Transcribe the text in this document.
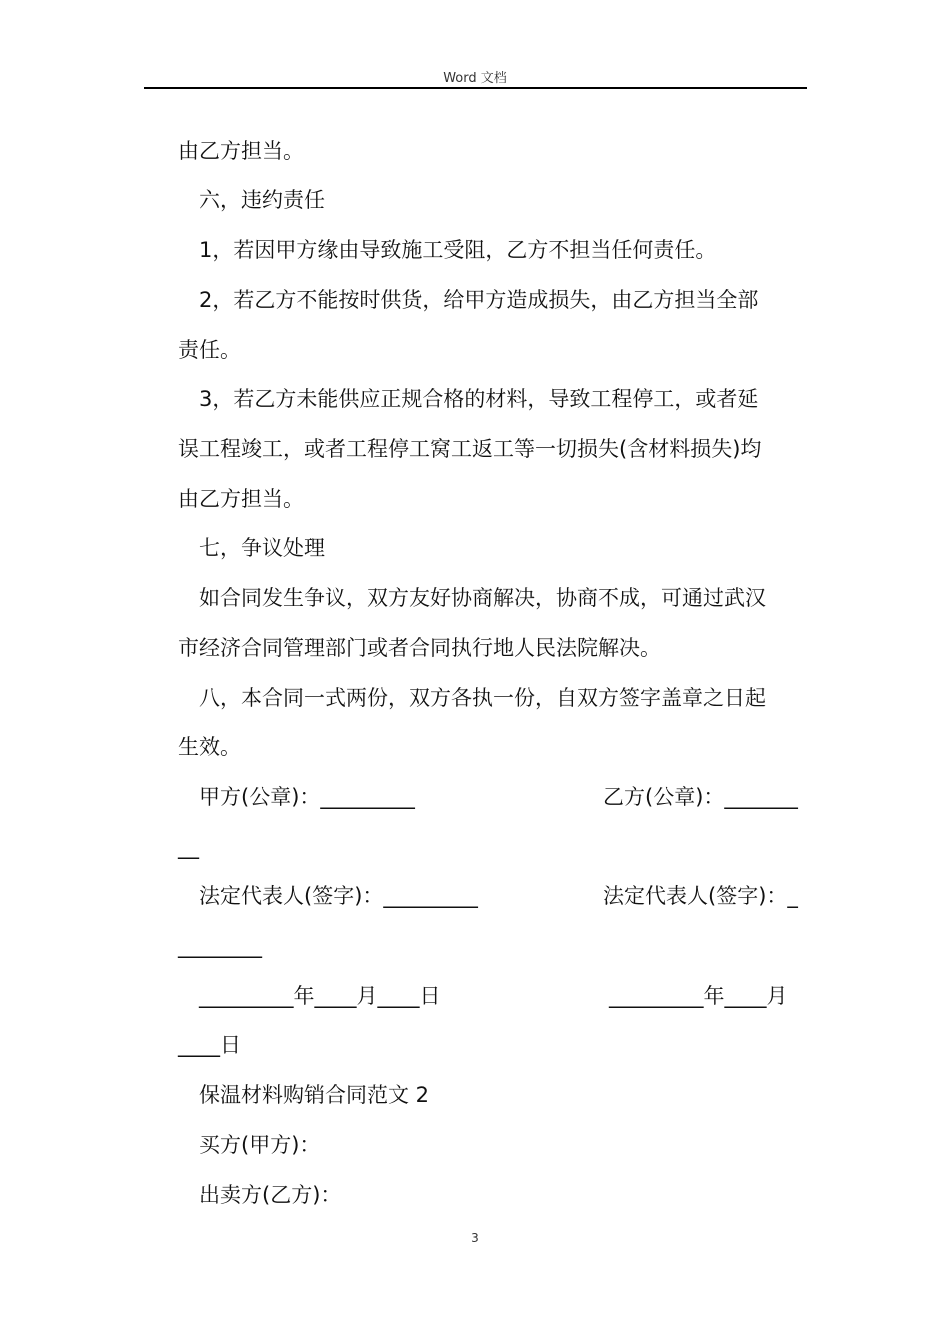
Word 文档
由乙方担当。
六，违约责任
1，若因甲方缘由导致施工受阻，乙方不担当任何责任。
2，若乙方不能按时供货，给甲方造成损失，由乙方担当全部
责任。
3，若乙方未能供应正规合格的材料，导致工程停工，或者延
误工程竣工，或者工程停工窝工返工等一切损失(含材料损失)均
由乙方担当。
七，争议处理
如合同发生争议，双方友好协商解决，协商不成，可通过武汉
市经济合同管理部门或者合同执行地人民法院解决。
八，本合同一式两份，双方各执一份，自双方签字盖章之日起
生效。
甲方(公章)：_________	乙方(公章)：_______
__
法定代表人(签字)：_________	法定代表人(签字)：_
________
_________年____月____日	_________年____月
____日
保温材料购销合同范文 2
买方(甲方)：
出卖方(乙方)：
3
